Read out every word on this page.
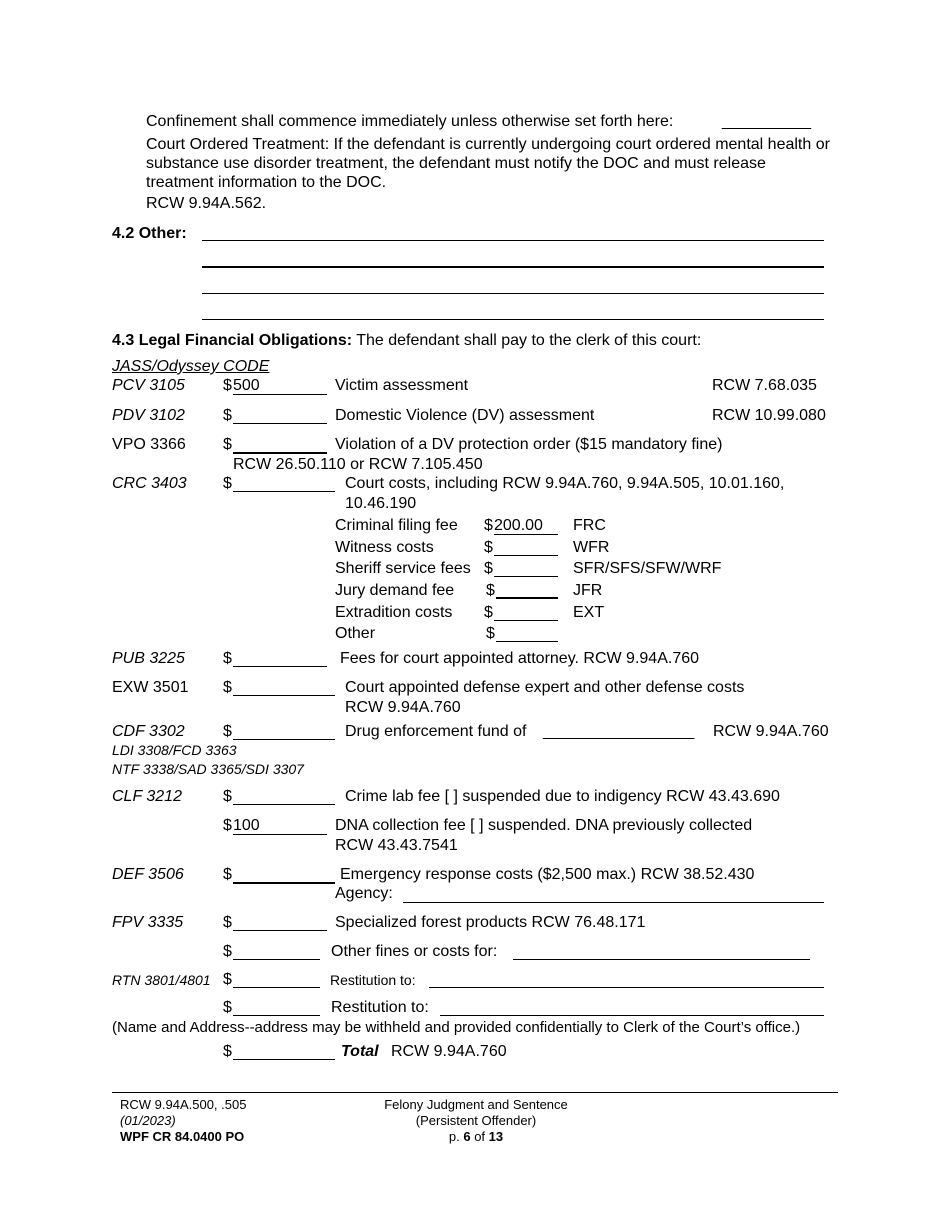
Confinement shall commence immediately unless otherwise set forth here:	__________
Court Ordered Treatment: If the defendant is currently undergoing court ordered mental health or substance use disorder treatment, the defendant must notify the DOC and must release treatment information to the DOC.
RCW 9.94A.562.
4.2 Other:
4.3 Legal Financial Obligations: The defendant shall pay to the clerk of this court:
JASS/Odyssey CODE
PCV 3105 $ 500	Victim assessment	RCW 7.68.035
PDV 3102 $	Domestic Violence (DV) assessment	RCW 10.99.080
VPO 3366 $	Violation of a DV protection order ($15 mandatory fine)
RCW 26.50.110 or RCW 7.105.450
CRC 3403 $	Court costs, including RCW 9.94A.760, 9.94A.505, 10.01.160,
10.46.190
Criminal filing fee $ 200.00	FRC
Witness costs	$	WFR
Sheriff service fees $	SFR/SFS/SFW/WRF
Jury demand fee $	JFR
Extradition costs $	EXT
Other	$
PUB 3225 $	Fees for court appointed attorney. RCW 9.94A.760
EXW 3501 $	Court appointed defense expert and other defense costs
RCW 9.94A.760
CDF 3302 $	Drug enforcement fund of _________________ RCW 9.94A.760
LDI 3308/FCD 3363
NTF 3338/SAD 3365/SDI 3307
CLF 3212	$	Crime lab fee [ ] suspended due to indigency RCW 43.43.690
$ 100	DNA collection fee [ ] suspended. DNA previously collected
RCW 43.43.7541
DEF 3506 $	Emergency response costs ($2,500 max.) RCW 38.52.430
Agency:
FPV 3335 $	Specialized forest products RCW 76.48.171
$	Other fines or costs for:
RTN 3801/4801 $	Restitution to:
$	Restitution to:
(Name and Address--address may be withheld and provided confidentially to Clerk of the Court’s office.)
$	Total RCW 9.94A.760
RCW 9.94A.500, .505
(01/2023)
WPF CR 84.0400 PO
Felony Judgment and Sentence
(Persistent Offender)
p. 6 of 13
